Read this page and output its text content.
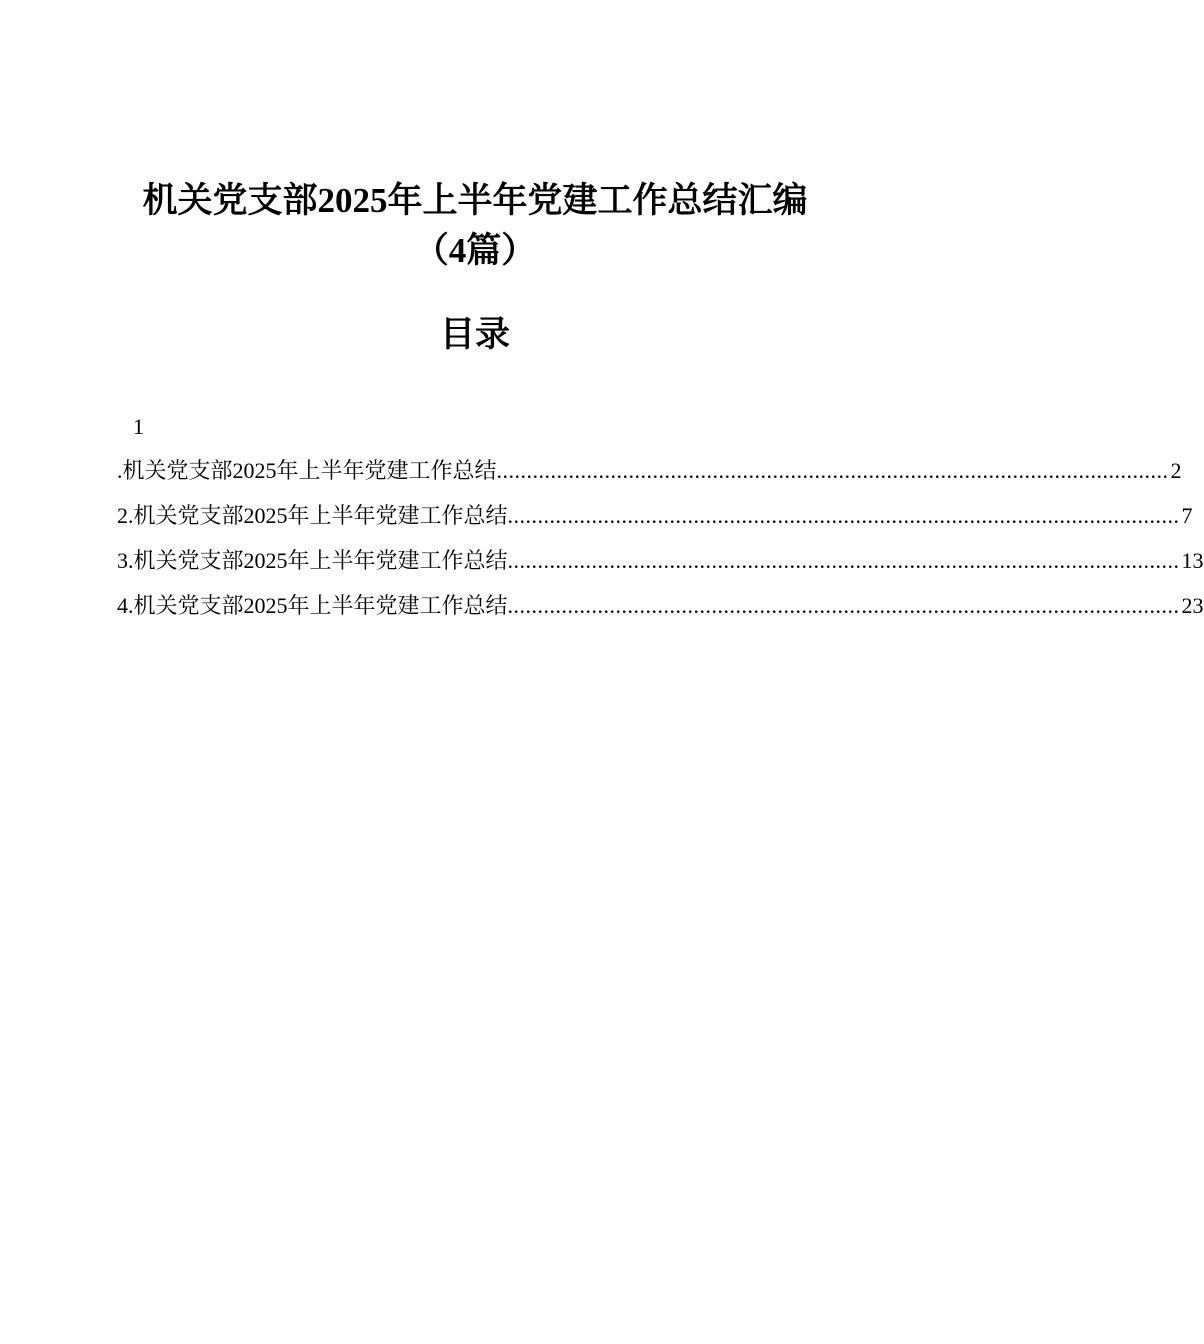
机关党支部2025年上半年党建工作总结汇编
（4篇）
目录
1
.机关党支部2025年上半年党建工作总结 ................................................................................................................ 2
2.机关党支部2025年上半年党建工作总结 ................................................................................................................ 7
3.机关党支部2025年上半年党建工作总结 ................................................................................................................ 13
4.机关党支部2025年上半年党建工作总结 ................................................................................................................ 23
